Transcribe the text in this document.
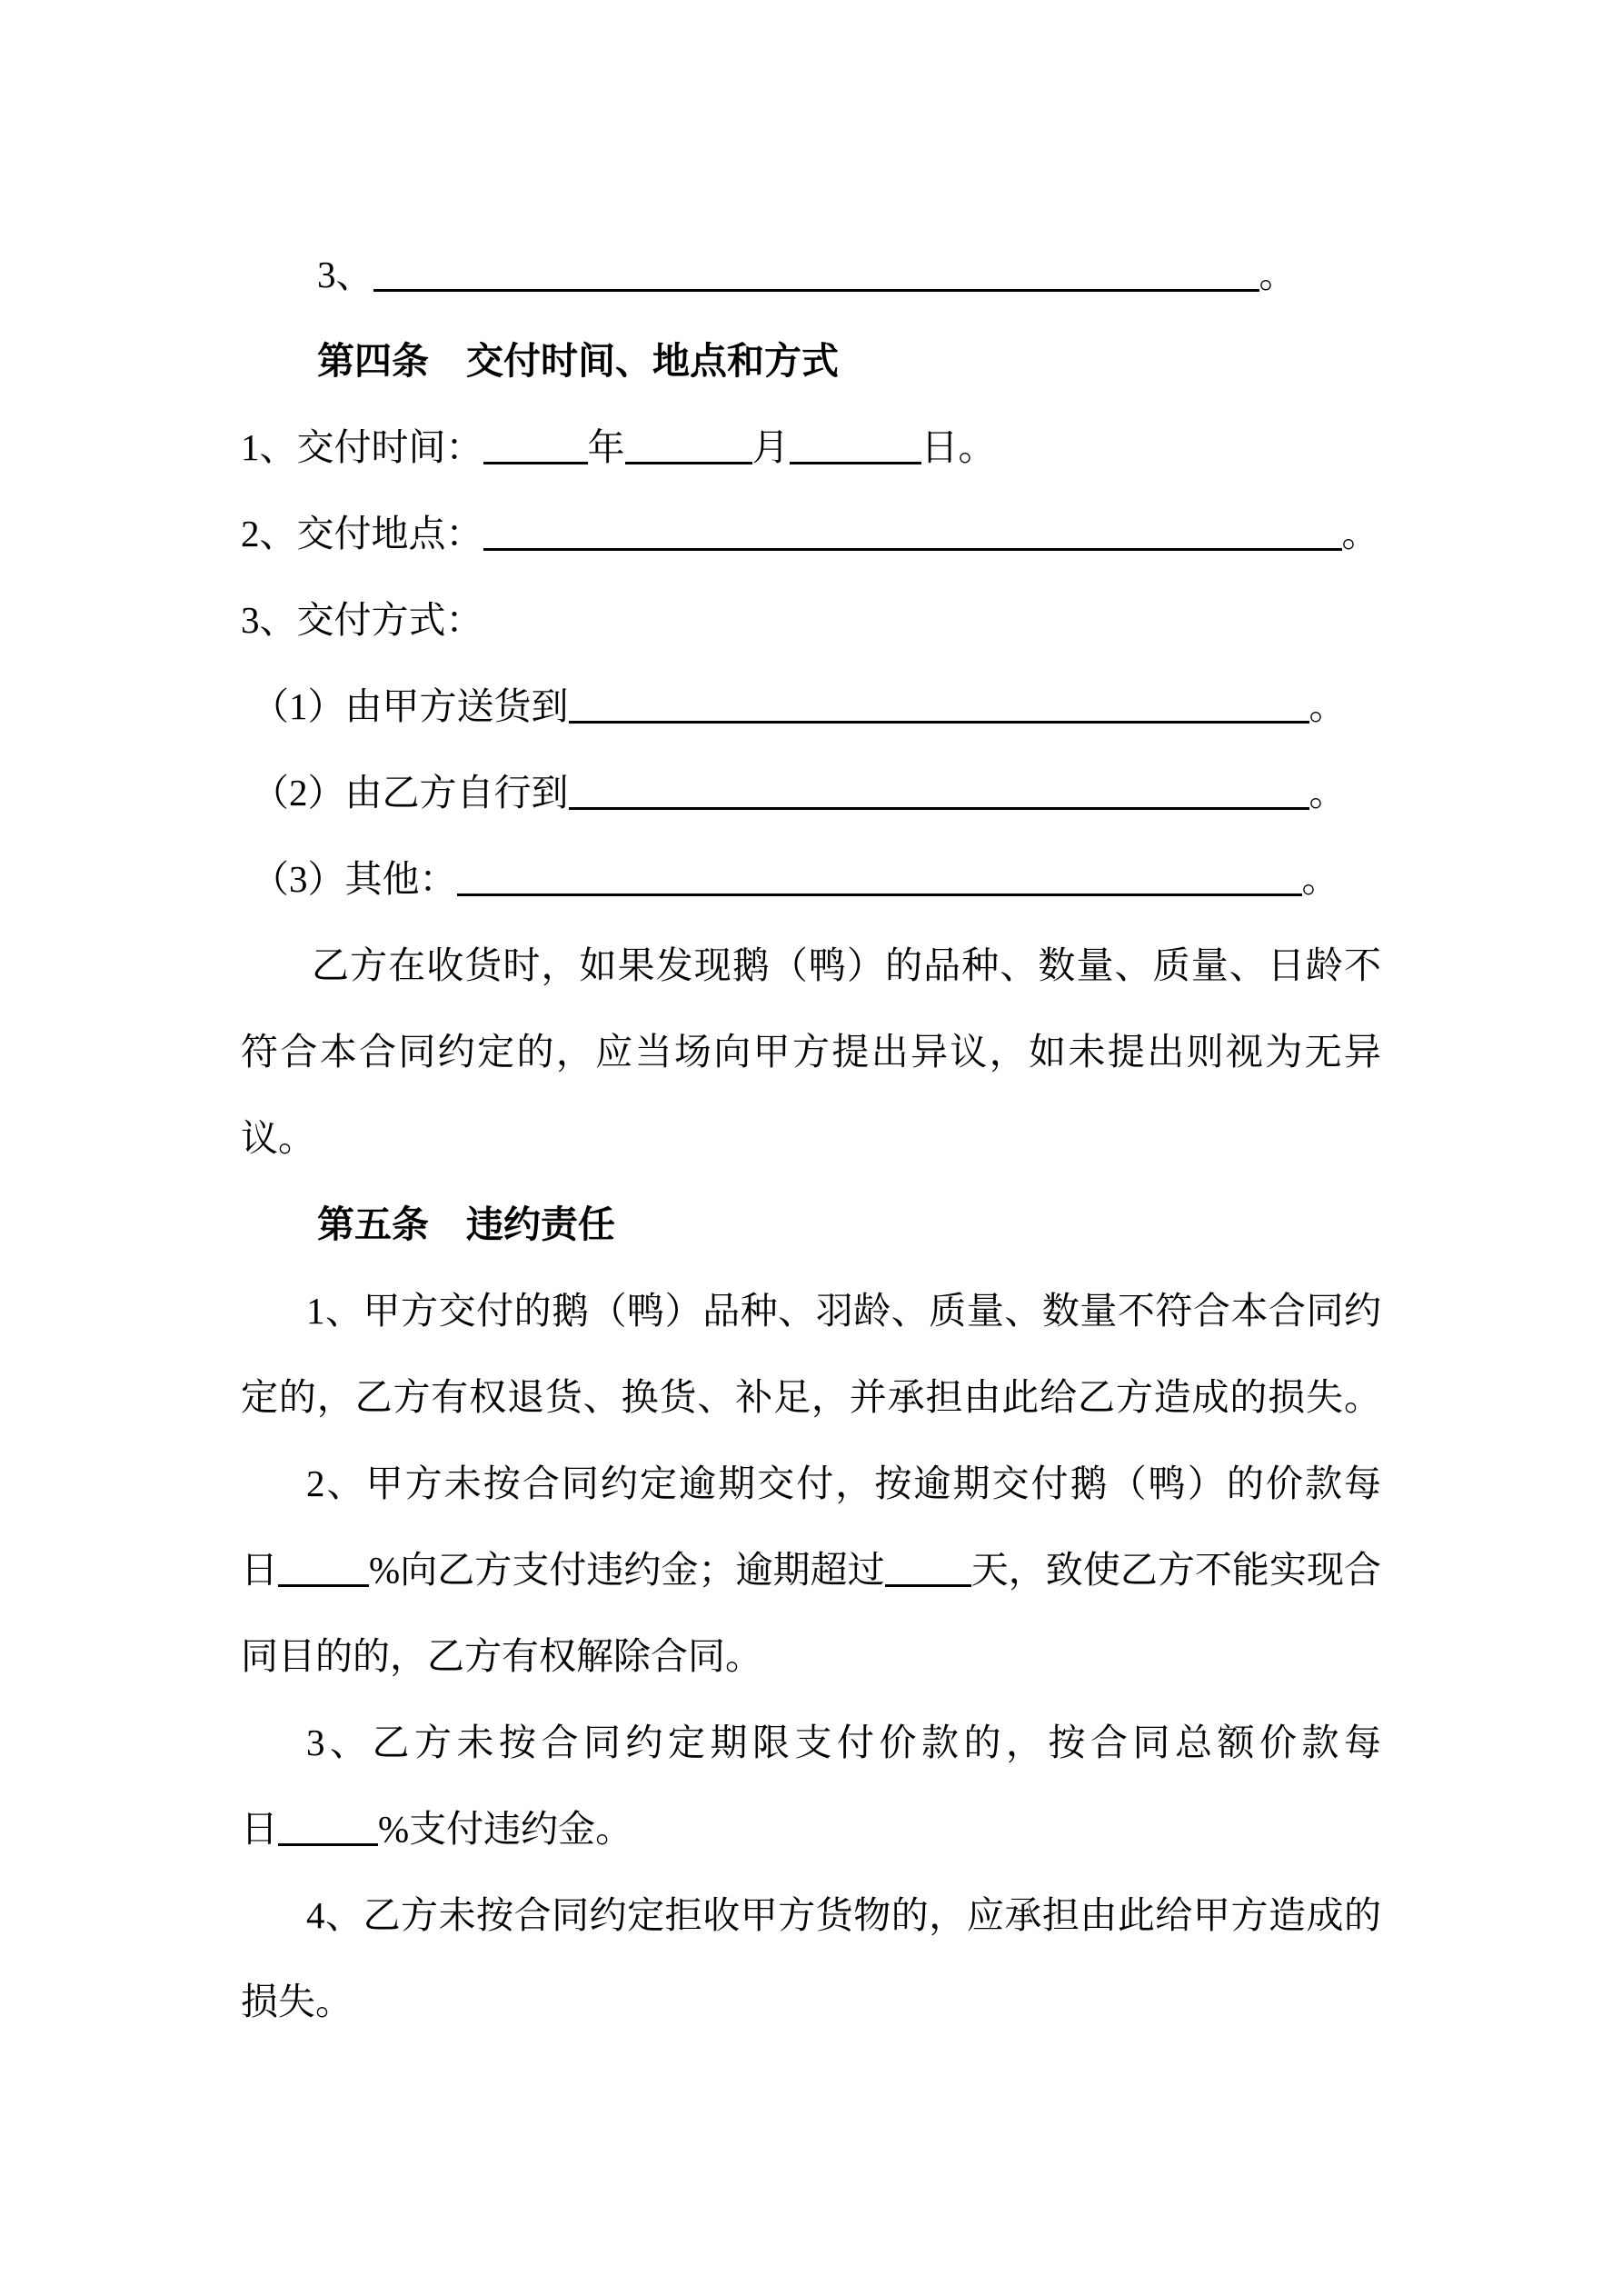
3、	。
第四条　交付时间、地点和方式
1、交付时间：	年	月	日。
2、交付地点：	。
3、交付方式：
（1）由甲方送货到	。
（2）由乙方自行到	。
（3）其他：	。
乙方在收货时，如果发现鹅（鸭）的品种、数量、质量、日龄不
符合本合同约定的，应当场向甲方提出异议，如未提出则视为无异
议。
第五条　违约责任
1、甲方交付的鹅（鸭）品种、羽龄、质量、数量不符合本合同约
定的，乙方有权退货、换货、补足，并承担由此给乙方造成的损失。
2、甲方未按合同约定逾期交付，按逾期交付鹅（鸭）的价款每
日 %向乙方支付违约金；逾期超过 天，致使乙方不能实现合
同目的的，乙方有权解除合同。
3、乙方未按合同约定期限支付价款的，按合同总额价款每
日	%支付违约金。
4、乙方未按合同约定拒收甲方货物的，应承担由此给甲方造成的
损失。
